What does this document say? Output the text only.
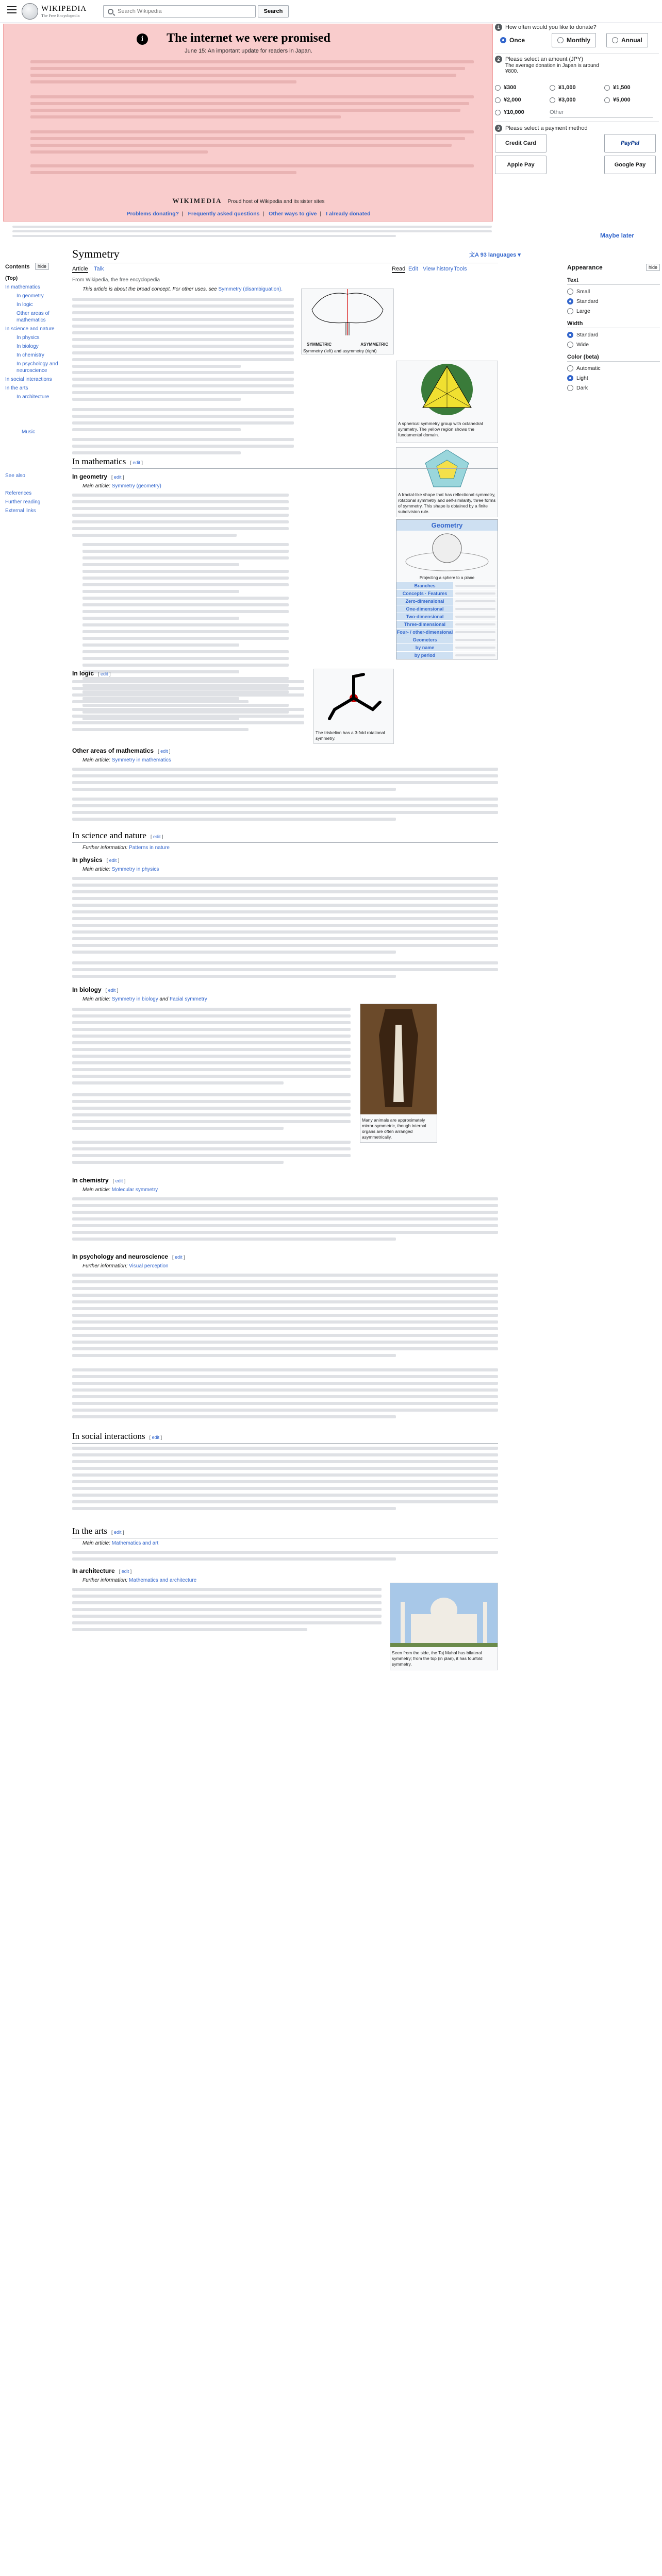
WIKIPEDIA
The Free Encyclopedia
Search Wikipedia
Search
i	The internet we were promised
June 15: An important update for readers in Japan.
WIKIMEDIA Proud host of Wikipedia and its sister sites
Problems donating? | Frequently asked questions | Other ways to give | I already donated
1 How often would you like to donate?
Once	Monthly	Annual
2 Please select an amount (JPY)
The average donation in Japan is around ¥800.
¥300	¥1,000	¥1,500
¥2,000	¥3,000	¥5,000
¥10,000	Other
3 Please select a payment method
Credit Card	PayPal
Apple Pay	Google Pay
Maybe later
Symmetry	文A 93 languages ▾
Article Talk	Read Edit View history Tools
From Wikipedia, the free encyclopedia
Contents	hide
(Top)
In mathematics
In geometry
In logic
Other areas of mathematics
In science and nature
In physics
In biology
In chemistry
In psychology and neuroscience
In social interactions
In the arts
In architecture
Music
See also
References
Further reading
External links
Appearance	hide
Text
Small
Standard
Large
Width
Standard
Wide
Color (beta)
Automatic
Light
Dark
This article is about the broad concept. For other uses, see Symmetry (disambiguation).
SYMMETRIC	ASYMMETRIC
Symmetry (left) and asymmetry (right)
A spherical symmetry group with octahedral symmetry. The yellow region shows the fundamental domain.
A fractal-like shape that has reflectional symmetry, rotational symmetry and self-similarity, three forms of symmetry. This shape is obtained by a finite subdivision rule.
Geometry
Projecting a sphere to a plane
Branches
Concepts · Features
Zero-dimensional
One-dimensional
Two-dimensional
Three-dimensional
Four- / other-dimensional
Geometers
by name
by period
In mathematics [ edit ]
In geometry [ edit ]
Main article: Symmetry (geometry)
The triskelion has a 3-fold rotational symmetry.
In logic [ edit ]
Other areas of mathematics [ edit ]
Main article: Symmetry in mathematics
In science and nature [ edit ]
Further information: Patterns in nature
In physics [ edit ]
Main article: Symmetry in physics
In biology [ edit ]
Main article: Symmetry in biology and Facial symmetry
Many animals are approximately mirror-symmetric, though internal organs are often arranged asymmetrically.
In chemistry [ edit ]
Main article: Molecular symmetry
In psychology and neuroscience [ edit ]
Further information: Visual perception
In social interactions [ edit ]
In the arts [ edit ]
Main article: Mathematics and art
In architecture [ edit ]
Further information: Mathematics and architecture
Seen from the side, the Taj Mahal has bilateral symmetry; from the top (in plan), it has fourfold symmetry.
